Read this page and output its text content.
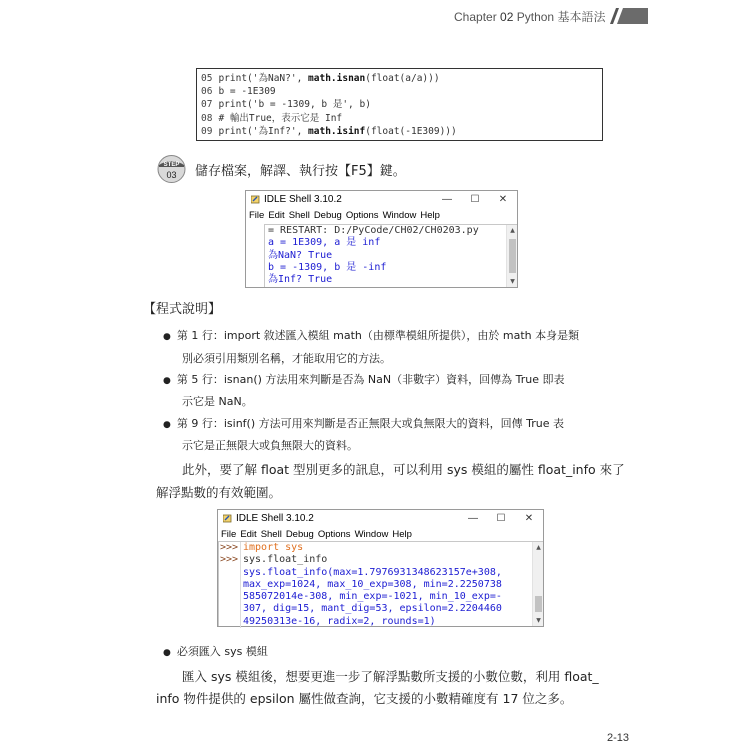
Chapter 02 Python 基本語法
05 print('為NaN?', math.isnan(float(a/a)))
06 b = -1E309
07 print('b = -1309, b 是', b)
08 # 輸出True，表示它是 Inf
09 print('為Inf?', math.isinf(float(-1E309)))
STEP
03 儲存檔案，解譯、執行按【F5】鍵。
IDLE Shell 3.10.2	—	☐	✕
File Edit Shell Debug Options Window Help
= RESTART: D:/PyCode/CH02/CH0203.py
a = 1E309, a 是 inf
為NaN? True
b = -1309, b 是 -inf
為Inf? True
▲
▼
【程式說明】
● 第 1 行：import 敘述匯入模組 math（由標準模組所提供），由於 math 本身是類
別必須引用類別名稱，才能取用它的方法。
● 第 5 行：isnan() 方法用來判斷是否為 NaN（非數字）資料，回傳為 True 即表
示它是 NaN。
● 第 9 行：isinf() 方法可用來判斷是否正無限大或負無限大的資料，回傳 True 表
示它是正無限大或負無限大的資料。
此外，要了解 float 型別更多的訊息，可以利用 sys 模組的屬性 float_info 來了
解浮點數的有效範圍。
IDLE Shell 3.10.2	—	☐	✕
File Edit Shell Debug Options Window Help
>>>
>>>
import sys
sys.float_info
sys.float_info(max=1.7976931348623157e+308,
max_exp=1024, max_10_exp=308, min=2.2250738
585072014e-308, min_exp=-1021, min_10_exp=-
307, dig=15, mant_dig=53, epsilon=2.2204460
49250313e-16, radix=2, rounds=1)
▲
▼
● 必須匯入 sys 模組
匯入 sys 模組後，想要更進一步了解浮點數所支援的小數位數，利用 float_
info 物件提供的 epsilon 屬性做查詢，它支援的小數精確度有 17 位之多。
2-13
